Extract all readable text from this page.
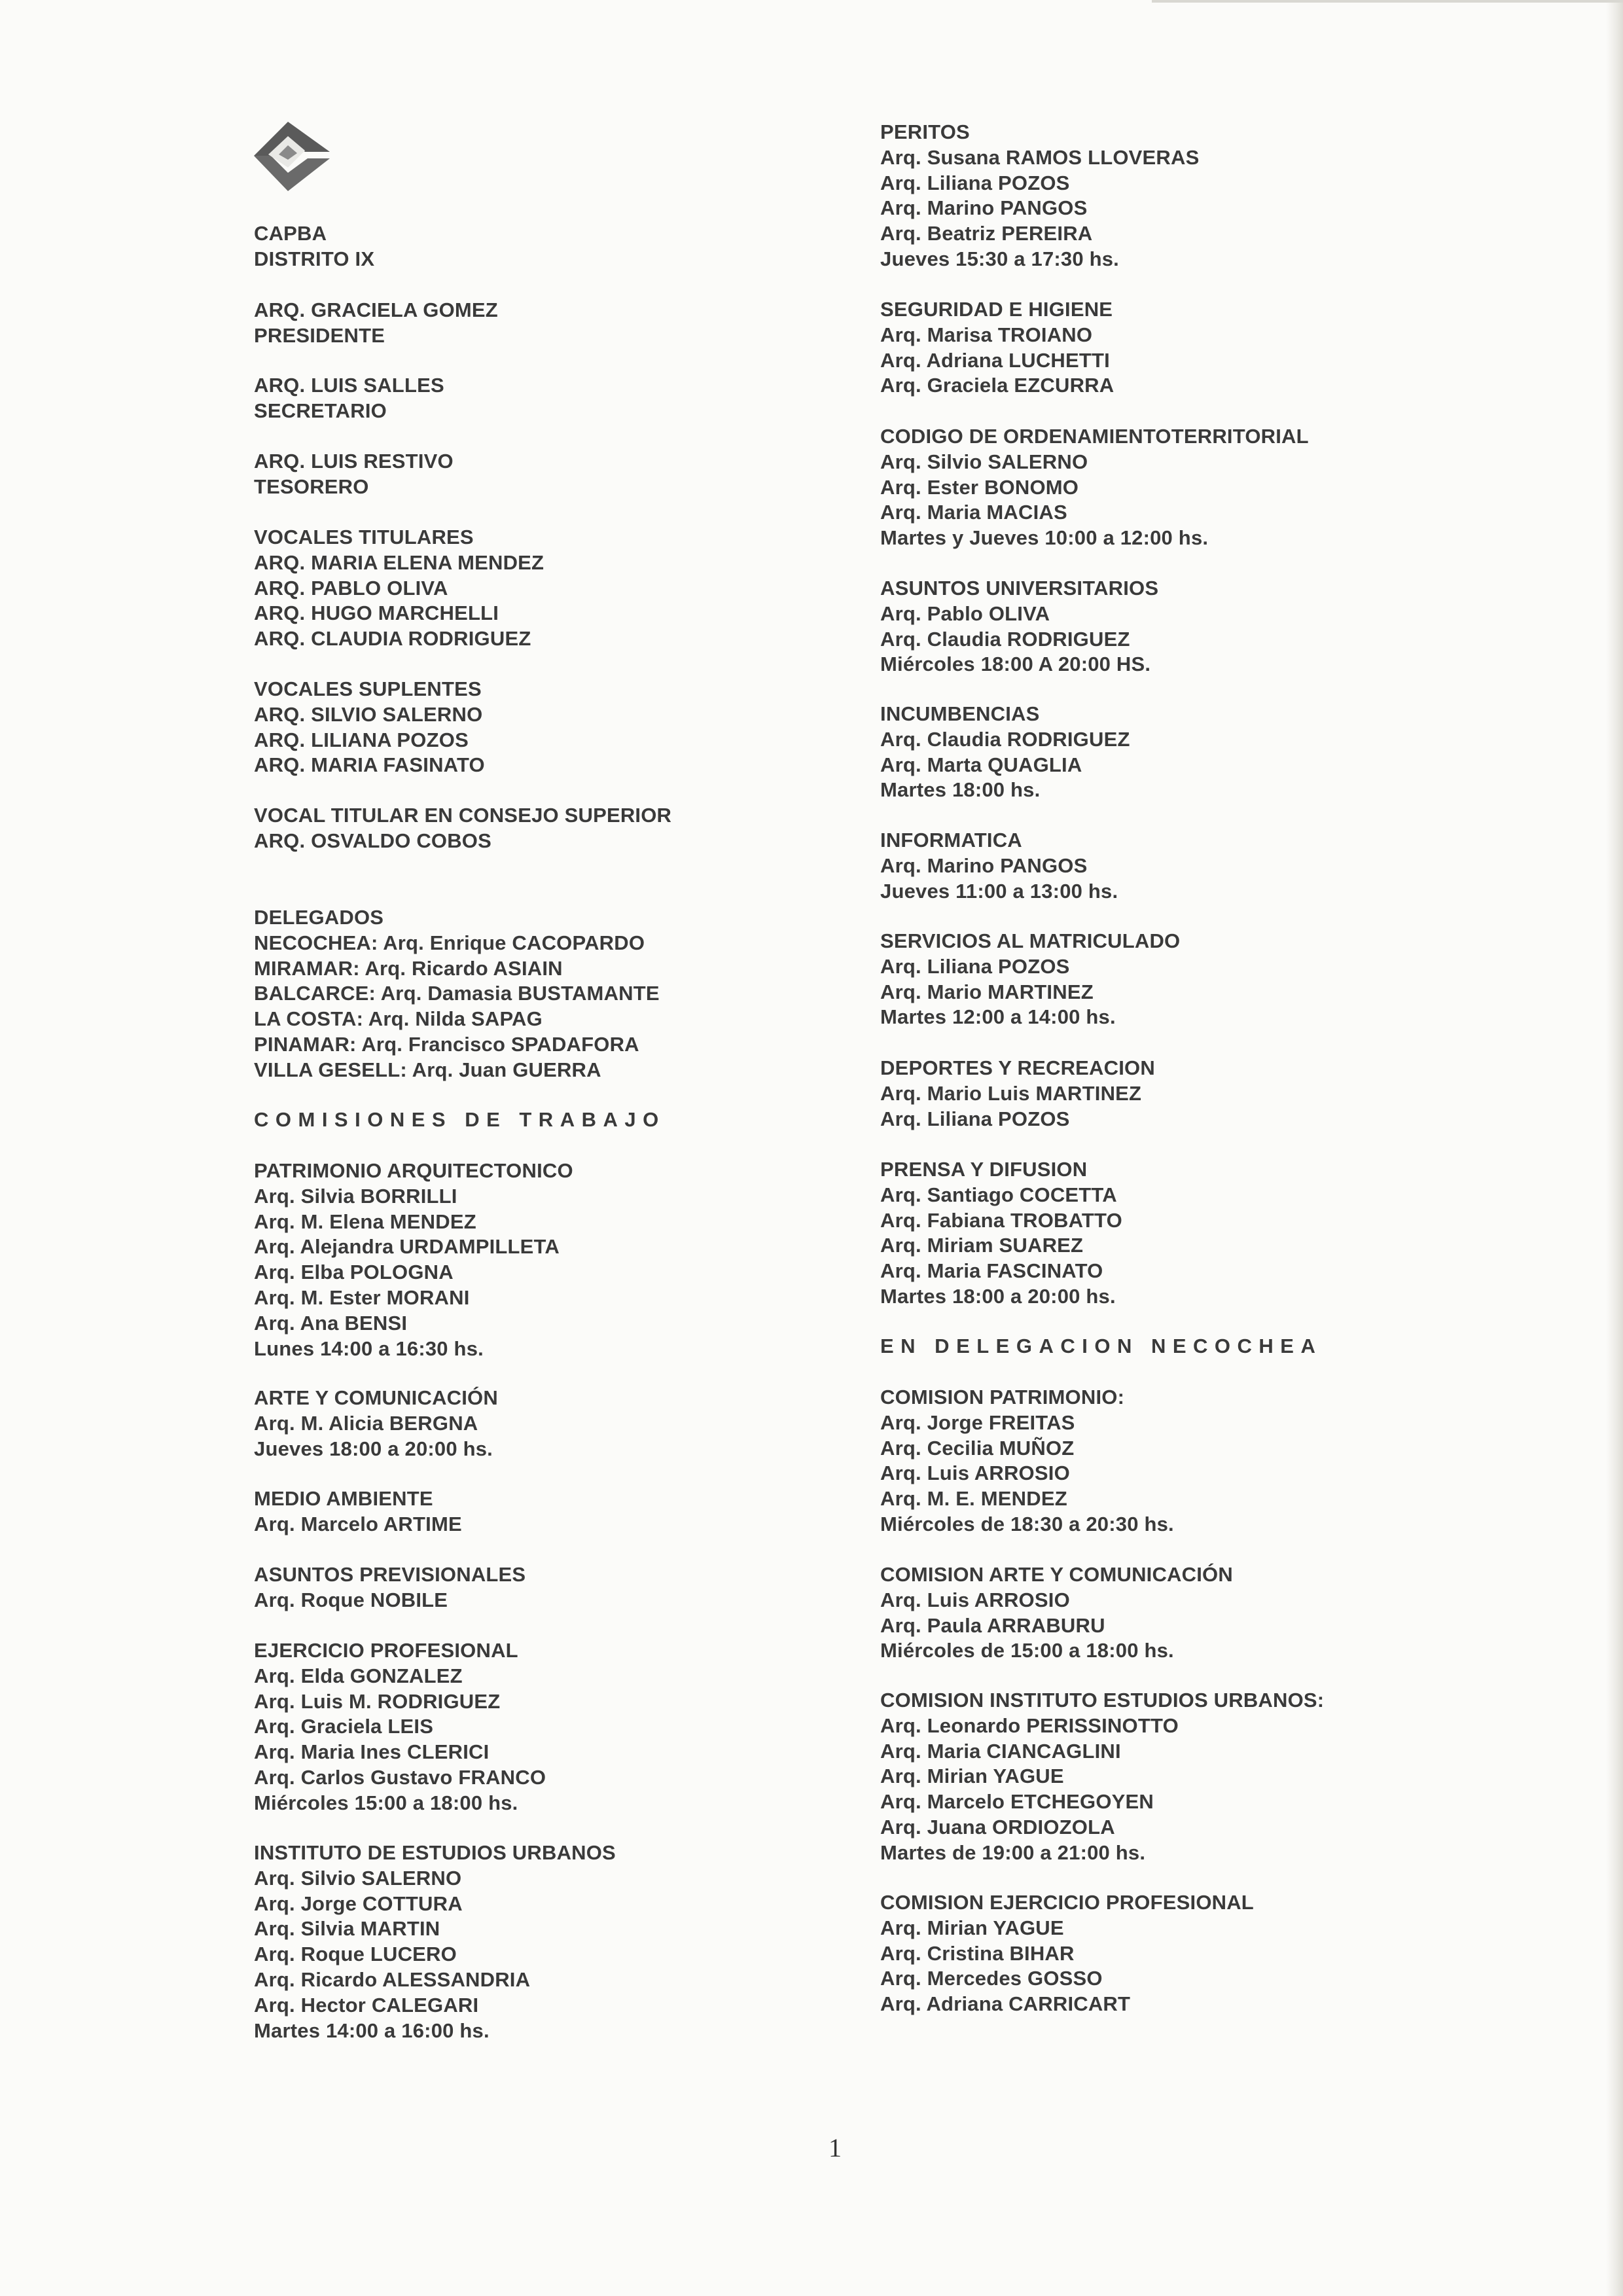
CAPBA
DISTRITO IX
ARQ. GRACIELA GOMEZ
PRESIDENTE
ARQ. LUIS SALLES
SECRETARIO
ARQ. LUIS RESTIVO
TESORERO
VOCALES TITULARES
ARQ. MARIA ELENA MENDEZ
ARQ. PABLO OLIVA
ARQ. HUGO MARCHELLI
ARQ. CLAUDIA RODRIGUEZ
VOCALES SUPLENTES
ARQ. SILVIO SALERNO
ARQ. LILIANA POZOS
ARQ. MARIA FASINATO
VOCAL TITULAR EN CONSEJO SUPERIOR
ARQ. OSVALDO COBOS
DELEGADOS
NECOCHEA: Arq. Enrique CACOPARDO
MIRAMAR: Arq. Ricardo ASIAIN
BALCARCE: Arq. Damasia BUSTAMANTE
LA COSTA: Arq. Nilda SAPAG
PINAMAR: Arq. Francisco SPADAFORA
VILLA GESELL: Arq. Juan GUERRA
COMISIONES DE TRABAJO
PATRIMONIO ARQUITECTONICO
Arq. Silvia BORRILLI
Arq. M. Elena MENDEZ
Arq. Alejandra URDAMPILLETA
Arq. Elba POLOGNA
Arq. M. Ester MORANI
Arq. Ana BENSI
Lunes 14:00 a 16:30 hs.
ARTE Y COMUNICACIÓN
Arq. M. Alicia BERGNA
Jueves 18:00 a 20:00 hs.
MEDIO AMBIENTE
Arq. Marcelo ARTIME
ASUNTOS PREVISIONALES
Arq. Roque NOBILE
EJERCICIO PROFESIONAL
Arq. Elda GONZALEZ
Arq. Luis M. RODRIGUEZ
Arq. Graciela LEIS
Arq. Maria Ines CLERICI
Arq. Carlos Gustavo FRANCO
Miércoles 15:00 a 18:00 hs.
INSTITUTO DE ESTUDIOS URBANOS
Arq. Silvio SALERNO
Arq. Jorge COTTURA
Arq. Silvia MARTIN
Arq. Roque LUCERO
Arq. Ricardo ALESSANDRIA
Arq. Hector CALEGARI
Martes 14:00 a 16:00 hs.
PERITOS
Arq. Susana RAMOS LLOVERAS
Arq. Liliana POZOS
Arq. Marino PANGOS
Arq. Beatriz PEREIRA
Jueves 15:30 a 17:30 hs.
SEGURIDAD E HIGIENE
Arq. Marisa TROIANO
Arq. Adriana LUCHETTI
Arq. Graciela EZCURRA
CODIGO DE ORDENAMIENTOTERRITORIAL
Arq. Silvio SALERNO
Arq. Ester BONOMO
Arq. Maria MACIAS
Martes y Jueves 10:00 a 12:00 hs.
ASUNTOS UNIVERSITARIOS
Arq. Pablo OLIVA
Arq. Claudia RODRIGUEZ
Miércoles 18:00 A 20:00 HS.
INCUMBENCIAS
Arq. Claudia RODRIGUEZ
Arq. Marta QUAGLIA
Martes 18:00 hs.
INFORMATICA
Arq. Marino PANGOS
Jueves 11:00 a 13:00 hs.
SERVICIOS AL MATRICULADO
Arq. Liliana POZOS
Arq. Mario MARTINEZ
Martes 12:00 a 14:00 hs.
DEPORTES Y RECREACION
Arq. Mario Luis MARTINEZ
Arq. Liliana POZOS
PRENSA Y DIFUSION
Arq. Santiago COCETTA
Arq. Fabiana TROBATTO
Arq. Miriam SUAREZ
Arq. Maria FASCINATO
Martes 18:00 a 20:00 hs.
EN DELEGACION NECOCHEA
COMISION PATRIMONIO:
Arq. Jorge FREITAS
Arq. Cecilia MUÑOZ
Arq. Luis ARROSIO
Arq. M. E. MENDEZ
Miércoles de 18:30 a 20:30 hs.
COMISION ARTE Y COMUNICACIÓN
Arq. Luis ARROSIO
Arq. Paula ARRABURU
Miércoles de 15:00 a 18:00 hs.
COMISION INSTITUTO ESTUDIOS URBANOS:
Arq. Leonardo PERISSINOTTO
Arq. Maria CIANCAGLINI
Arq. Mirian YAGUE
Arq. Marcelo ETCHEGOYEN
Arq. Juana ORDIOZOLA
Martes de 19:00 a 21:00 hs.
COMISION EJERCICIO PROFESIONAL
Arq. Mirian YAGUE
Arq. Cristina BIHAR
Arq. Mercedes GOSSO
Arq. Adriana CARRICART
1
